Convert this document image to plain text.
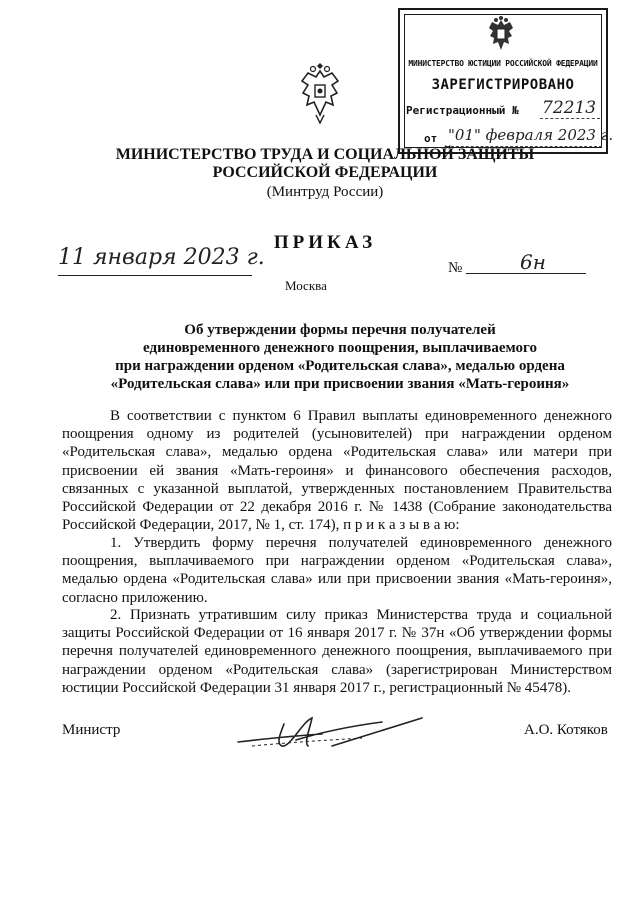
МИНИСТЕРСТВО ЮСТИЦИИ РОССИЙСКОЙ ФЕДЕРАЦИИ
ЗАРЕГИСТРИРОВАНО
Регистрационный № 72213
от "01" февраля 2023 г.
МИНИСТЕРСТВО ТРУДА И СОЦИАЛЬНОЙ ЗАЩИТЫ
РОССИЙСКОЙ ФЕДЕРАЦИИ
(Минтруд России)
ПРИКАЗ
11 января 2023 г.
Москва
№	6н
Об утверждении формы перечня получателей
единовременного денежного поощрения, выплачиваемого
при награждении орденом «Родительская слава», медалью ордена
«Родительская слава» или при присвоении звания «Мать-героиня»
В соответствии с пунктом 6 Правил выплаты единовременного денежного поощрения одному из родителей (усыновителей) при награждении орденом «Родительская слава», медалью ордена «Родительская слава» или матери при присвоении ей звания «Мать-героиня» и финансового обеспечения расходов, связанных с указанной выплатой, утвержденных постановлением Правительства Российской Федерации от 22 декабря 2016 г. № 1438 (Собрание законодательства Российской Федерации, 2017, № 1, ст. 174), п р и к а з ы в а ю:
1. Утвердить форму перечня получателей единовременного денежного поощрения, выплачиваемого при награждении орденом «Родительская слава», медалью ордена «Родительская слава» или при присвоении звания «Мать-героиня», согласно приложению.
2. Признать утратившим силу приказ Министерства труда и социальной защиты Российской Федерации от 16 января 2017 г. № 37н «Об утверждении формы перечня получателей единовременного денежного поощрения, выплачиваемого при награждении орденом «Родительская слава» (зарегистрирован Министерством юстиции Российской Федерации 31 января 2017 г., регистрационный № 45478).
Министр	А.О. Котяков
